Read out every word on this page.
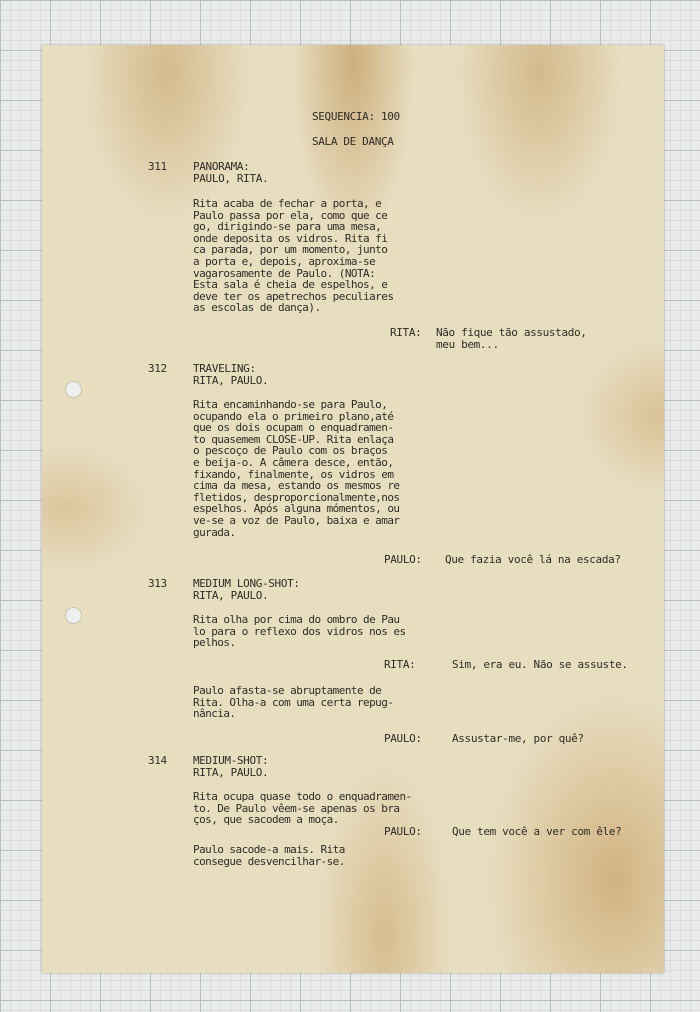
SEQUENCIA: 100

SALA DE DANÇA

311 PANORAMA:

PAULO, RITA.

Rita acaba de fechar a porta, e
Paulo passa por ela, como que ce
go, dirigindo-se para uma mesa,
onde deposita os vidros. Rita fi
ca parada, por um momento, junto
a porta e, depois, aproxima-se
vagarosamente de Paulo. (NOTA:
Esta sala é cheia de espelhos, e
deve ter os apetrechos peculiares
as escolas de dança).

RITA: Não fique tão assustado,
meu bem...

312 TRAVELING:

RITA, PAULO.

Rita encaminhando-se para Paulo,
ocupando ela o primeiro plano,até
que os dois ocupam o enquadramen-
to quasemem CLOSE-UP. Rita enlaça
o pescoço de Paulo com os braços
e beija-o. A câmera desce, então,
fixando, finalmente, os vidros em
cima da mesa, estando os mesmos re
fletidos, desproporcionalmente,nos
espelhos. Após alguna mómentos, ou
ve-se a voz de Paulo, baixa e amar
gurada.

PAULO: Que fazia você lá na escada?

313 MEDIUM LONG-SHOT:

RITA, PAULO.

Rita olha por cima do ombro de Pau
lo para o reflexo dos vidros nos es
pelhos.

RITA:	Sim, era eu. Não se assuste.

Paulo afasta-se abruptamente de
Rita. Olha-a com uma certa repug-
nância.

PAULO:	Assustar-me, por quê?

314 MEDIUM-SHOT:

RITA, PAULO.

Rita ocupa quase todo o enquadramen-
to. De Paulo vêem-se apenas os bra
ços, que sacodem a moça.

PAULO:	Que tem você a ver com êle?

Paulo sacode-a mais. Rita
consegue desvencilhar-se.
